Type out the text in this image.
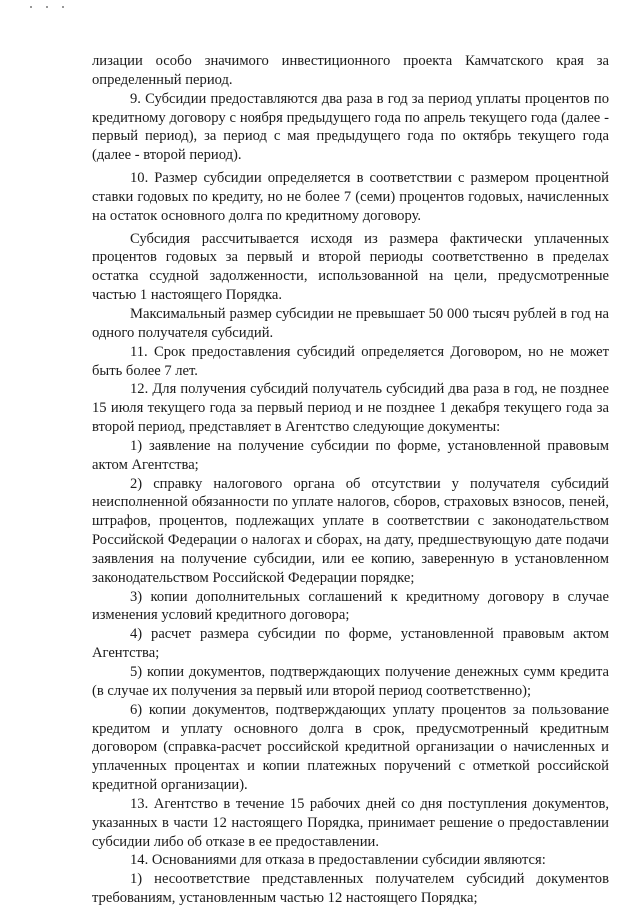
лизации особо значимого инвестиционного проекта Камчатского края за определенный период.

9. Субсидии предоставляются два раза в год за период уплаты процентов по кредитному договору с ноября предыдущего года по апрель текущего года (далее - первый период), за период с мая предыдущего года по октябрь текущего года (далее - второй период).

10. Размер субсидии определяется в соответствии с размером процентной ставки годовых по кредиту, но не более 7 (семи) процентов годовых, начисленных на остаток основного долга по кредитному договору.

Субсидия рассчитывается исходя из размера фактически уплаченных процентов годовых за первый и второй периоды соответственно в пределах остатка ссудной задолженности, использованной на цели, предусмотренные частью 1 настоящего Порядка.

Максимальный размер субсидии не превышает 50 000 тысяч рублей в год на одного получателя субсидий.

11. Срок предоставления субсидий определяется Договором, но не может быть более 7 лет.

12. Для получения субсидий получатель субсидий два раза в год, не позднее 15 июля текущего года за первый период и не позднее 1 декабря текущего года за второй период, представляет в Агентство следующие документы:

1) заявление на получение субсидии по форме, установленной правовым актом Агентства;

2) справку налогового органа об отсутствии у получателя субсидий неисполненной обязанности по уплате налогов, сборов, страховых взносов, пеней, штрафов, процентов, подлежащих уплате в соответствии с законодательством Российской Федерации о налогах и сборах, на дату, предшествующую дате подачи заявления на получение субсидии, или ее копию, заверенную в установленном законодательством Российской Федерации порядке;

3) копии дополнительных соглашений к кредитному договору в случае изменения условий кредитного договора;

4) расчет размера субсидии по форме, установленной правовым актом Агентства;

5) копии документов, подтверждающих получение денежных сумм кредита (в случае их получения за первый или второй период соответственно);

6) копии документов, подтверждающих уплату процентов за пользование кредитом и уплату основного долга в срок, предусмотренный кредитным договором (справка-расчет российской кредитной организации о начисленных и уплаченных процентах и копии платежных поручений с отметкой российской кредитной организации).

13. Агентство в течение 15 рабочих дней со дня поступления документов, указанных в части 12 настоящего Порядка, принимает решение о предоставлении субсидии либо об отказе в ее предоставлении.

14. Основаниями для отказа в предоставлении субсидии являются:

1) несоответствие представленных получателем субсидий документов требованиям, установленным частью 12 настоящего Порядка;
